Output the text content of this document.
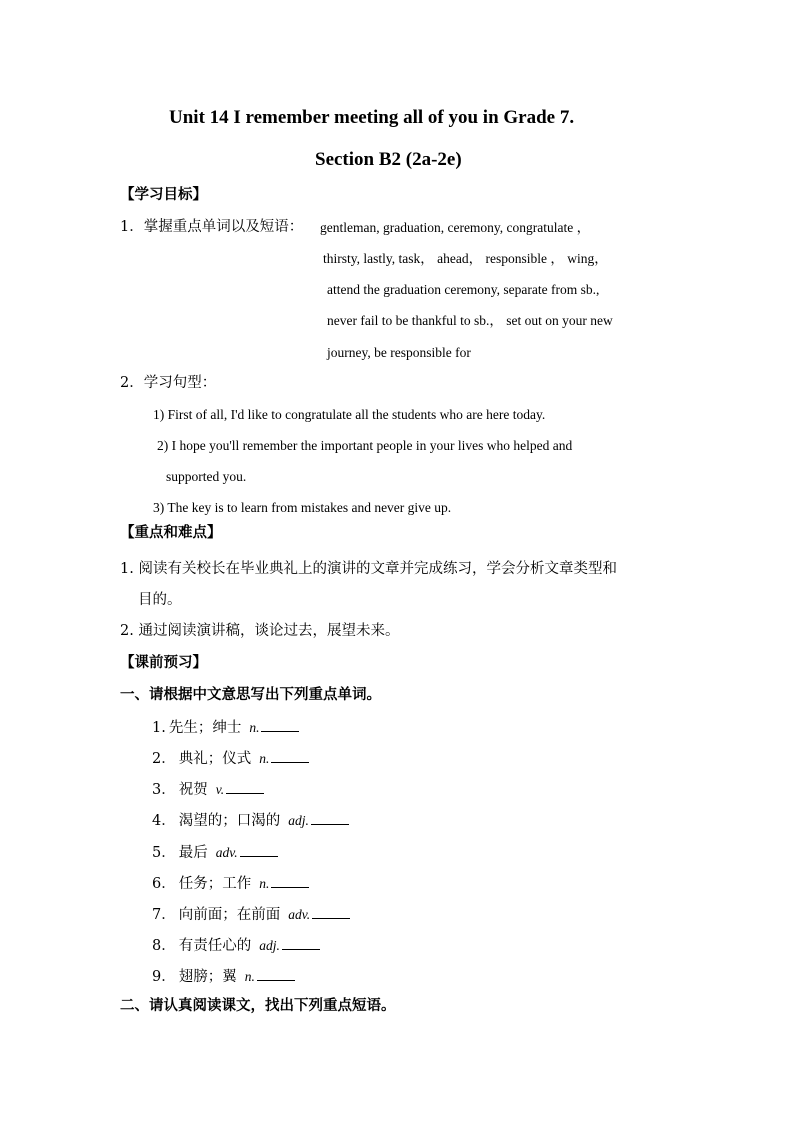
Unit 14 I remember meeting all of you in Grade 7.
Section B2 (2a-2e)
【学习目标】
1．掌握重点单词以及短语： gentleman, graduation, ceremony, congratulate ，
thirsty, lastly, task， ahead， responsible ， wing，
attend the graduation ceremony, separate from sb.,
never fail to be thankful to sb.， set out on your new
journey, be responsible for
2．学习句型：
1) First of all, I'd like to congratulate all the students who are here today.
2) I hope you'll remember the important people in your lives who helped and
supported you.
3) The key is to learn from mistakes and never give up.
【重点和难点】
1. 阅读有关校长在毕业典礼上的演讲的文章并完成练习，学会分析文章类型和
目的。
2. 通过阅读演讲稿，谈论过去，展望未来。
【课前预习】
一、请根据中文意思写出下列重点单词。
1. 先生；绅士 n.
2． 典礼；仪式 n.
3． 祝贺 v.
4． 渴望的；口渴的 adj.
5． 最后 adv.
6． 任务；工作 n.
7． 向前面；在前面 adv.
8． 有责任心的 adj.
9． 翅膀；翼 n.
二、请认真阅读课文，找出下列重点短语。
